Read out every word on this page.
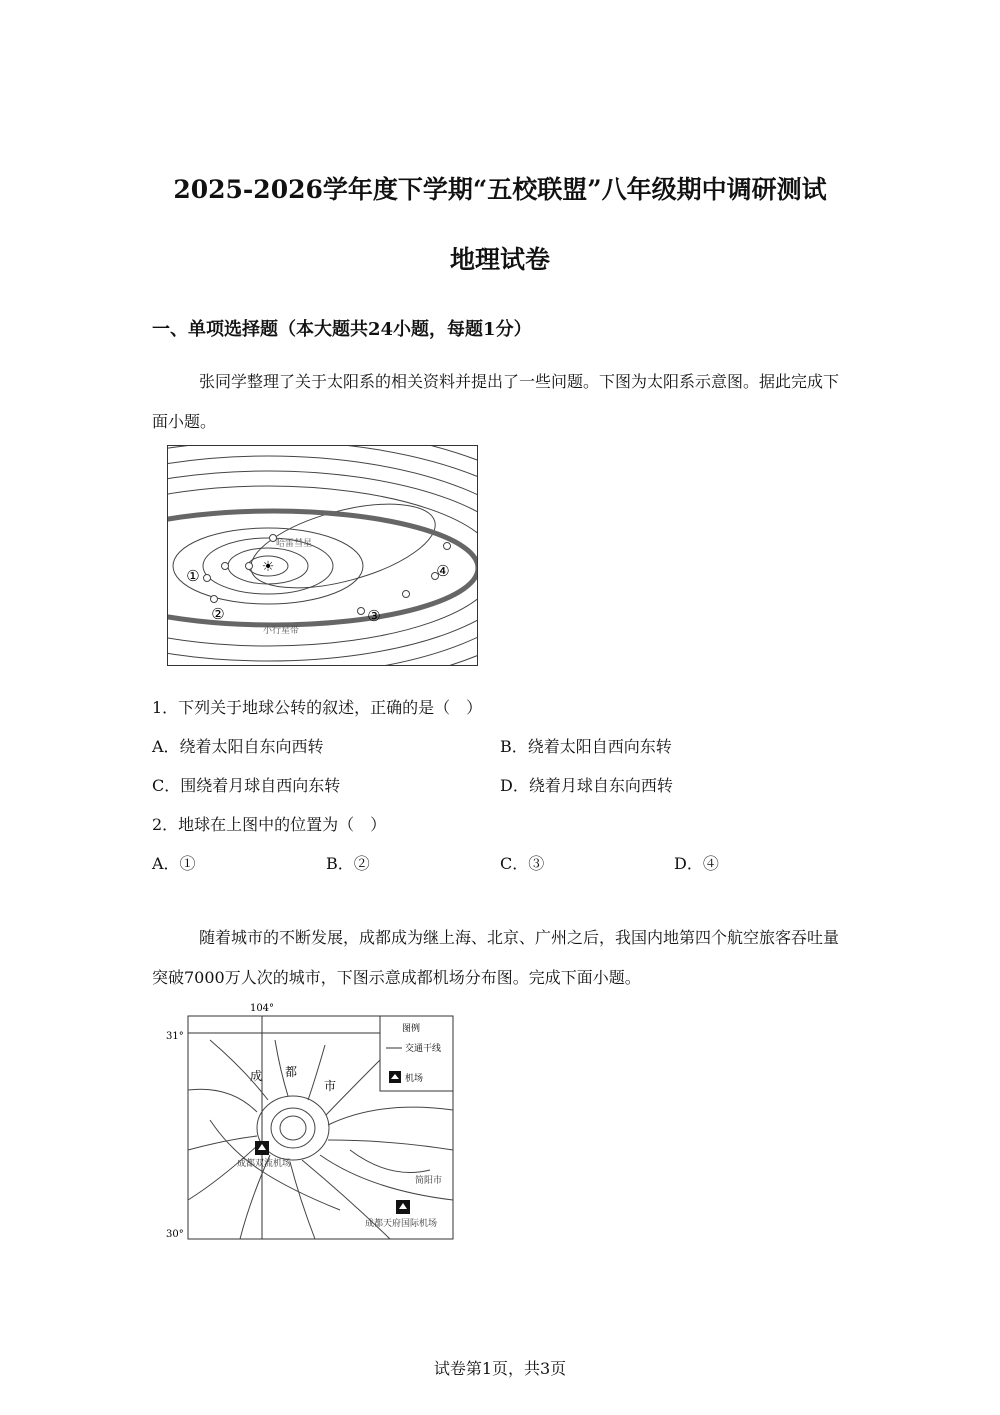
2025-2026学年度下学期“五校联盟”八年级期中调研测试
地理试卷
一、单项选择题（本大题共24小题，每题1分）
张同学整理了关于太阳系的相关资料并提出了一些问题。下图为太阳系示意图。据此完成下面小题。
☀
哈雷彗星
小行星带
①
②	③
④
1．下列关于地球公转的叙述，正确的是（　）
A．绕着太阳自东向西转	B．绕着太阳自西向东转
C．围绕着月球自西向东转	D．绕着月球自东向西转
2．地球在上图中的位置为（　）
A．①	B．②	C．③	D．④
随着城市的不断发展，成都成为继上海、北京、广州之后，我国内地第四个航空旅客吞吐量突破7000万人次的城市，下图示意成都机场分布图。完成下面小题。
104°
31°
30°
成 都
市
成都双流机场
简阳市
成都天府国际机场
图例
交通干线
机场
试卷第1页，共3页
